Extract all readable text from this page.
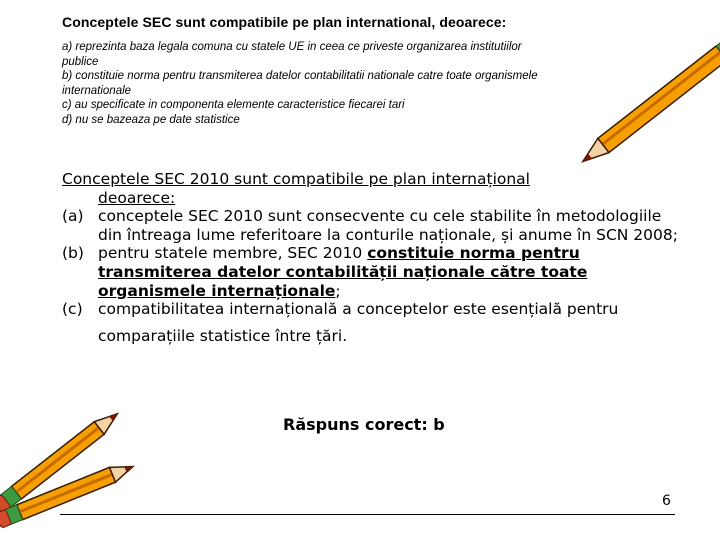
Conceptele SEC sunt compatibile pe plan international, deoarece:
a) reprezinta baza legala comuna cu statele UE in ceea ce priveste organizarea institutiilor
publice
b) constituie norma pentru transmiterea datelor contabilitatii nationale catre toate organismele
internationale
c) au specificate in componenta elemente caracteristice fiecarei tari
d) nu se bazeaza pe date statistice
Conceptele SEC 2010 sunt compatibile pe plan internațional
deoarece:
(a) conceptele SEC 2010 sunt consecvente cu cele stabilite în metodologiile din întreaga lume referitoare la conturile naționale, și anume în SCN 2008;
(b) pentru statele membre, SEC 2010 constituie norma pentru transmiterea datelor contabilității naționale către toate organismele internaționale;
(c) compatibilitatea internațională a conceptelor este esențială pentru
comparațiile statistice între țări.
Răspuns corect: b
6
